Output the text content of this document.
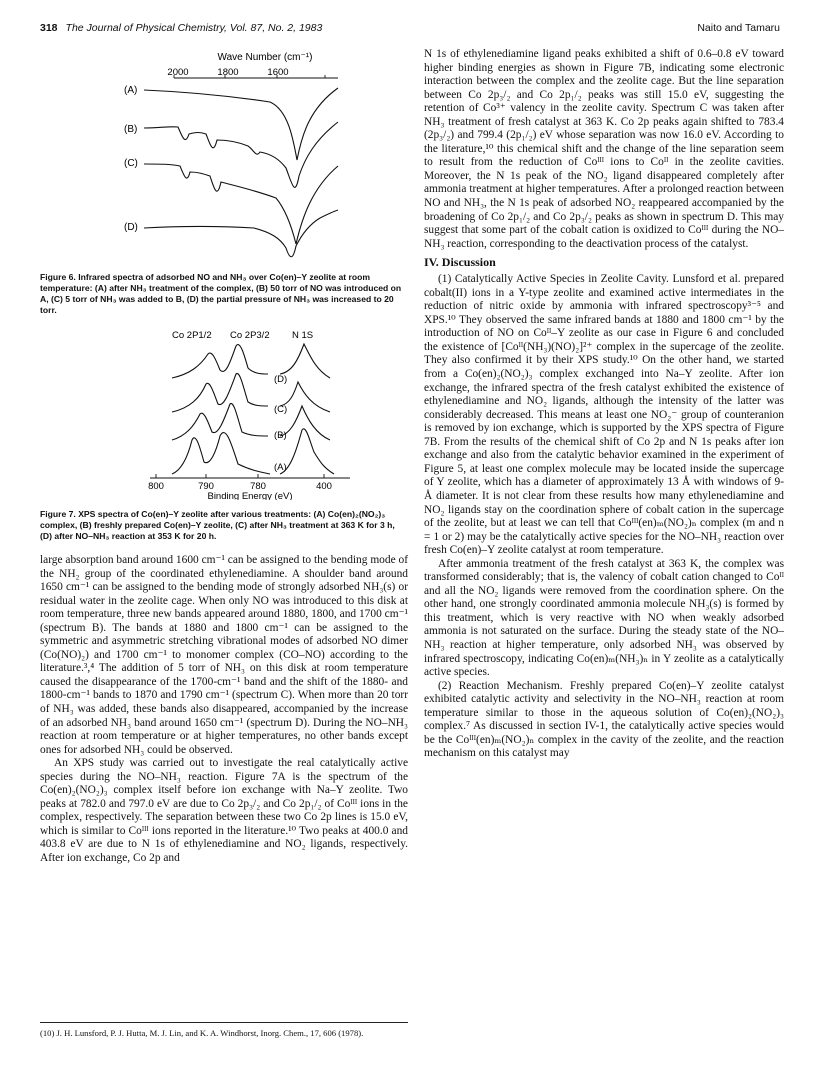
318 The Journal of Physical Chemistry, Vol. 87, No. 2, 1983	Naito and Tamaru
Wave Number (cm⁻¹)
2000	1800	1600
(A)
(B)
(C)
(D)

Figure 6. Infrared spectra of adsorbed NO and NH₃ over Co(en)–Y zeolite at room temperature: (A) after NH₃ treatment of the complex, (B) 50 torr of NO was introduced on A, (C) 5 torr of NH₃ was added to B, (D) the partial pressure of NH₃ was increased to 20 torr.

Co 2P1/2 Co 2P3/2 N 1S
(D)
(C)
(B)
(A)
800	790	780	400
Binding Energy (eV)

Figure 7. XPS spectra of Co(en)–Y zeolite after various treatments: (A) Co(en)₂(NO₂)₃ complex, (B) freshly prepared Co(en)–Y zeolite, (C) after NH₃ treatment at 363 K for 3 h, (D) after NO–NH₃ reaction at 353 K for 20 h.

large absorption band around 1600 cm⁻¹ can be assigned to the bending mode of the NH₂ group of the coordinated ethylenediamine. A shoulder band around 1650 cm⁻¹ can be assigned to the bending mode of strongly adsorbed NH₃(s) or residual water in the zeolite cage. When only NO was introduced to this disk at room temperature, three new bands appeared around 1880, 1800, and 1700 cm⁻¹ (spectrum B). The bands at 1880 and 1800 cm⁻¹ can be assigned to the symmetric and asymmetric stretching vibrational modes of adsorbed NO dimer (Co(NO)₂) and 1700 cm⁻¹ to monomer complex (CO–NO) according to the literature.³,⁴ The addition of 5 torr of NH₃ on this disk at room temperature caused the disappearance of the 1700-cm⁻¹ band and the shift of the 1880- and 1800-cm⁻¹ bands to 1870 and 1790 cm⁻¹ (spectrum C). When more than 20 torr of NH₃ was added, these bands also disappeared, accompanied by the increase of an adsorbed NH₃ band around 1650 cm⁻¹ (spectrum D). During the NO–NH₃ reaction at room temperature or at higher temperatures, no other bands except ones for adsorbed NH₃ could be observed.

An XPS study was carried out to investigate the real catalytically active species during the NO–NH₃ reaction. Figure 7A is the spectrum of the Co(en)₂(NO₂)₃ complex itself before ion exchange with Na–Y zeolite. Two peaks at 782.0 and 797.0 eV are due to Co 2p₃/₂ and Co 2p₁/₂ of Coᴵᴵᴵ ions in the complex, respectively. The separation between these two Co 2p lines is 15.0 eV, which is similar to Coᴵᴵᴵ ions reported in the literature.¹⁰ Two peaks at 400.0 and 403.8 eV are due to N 1s of ethylenediamine and NO₂ ligands, respectively. After ion exchange, Co 2p and

(10) J. H. Lunsford, P. J. Hutta, M. J. Lin, and K. A. Windhorst, Inorg. Chem., 17, 606 (1978).

N 1s of ethylenediamine ligand peaks exhibited a shift of 0.6–0.8 eV toward higher binding energies as shown in Figure 7B, indicating some electronic interaction between the complex and the zeolite cage. But the line separation between Co 2p₃/₂ and Co 2p₁/₂ peaks was still 15.0 eV, suggesting the retention of Co³⁺ valency in the zeolite cavity. Spectrum C was taken after NH₃ treatment of fresh catalyst at 363 K. Co 2p peaks again shifted to 783.4 (2p₃/₂) and 799.4 (2p₁/₂) eV whose separation was now 16.0 eV. According to the literature,¹⁰ this chemical shift and the change of the line separation seem to result from the reduction of Coᴵᴵᴵ ions to Coᴵᴵ in the zeolite cavities. Moreover, the N 1s peak of the NO₂ ligand disappeared completely after ammonia treatment at higher temperatures. After a prolonged reaction between NO and NH₃, the N 1s peak of adsorbed NO₂ reappeared accompanied by the broadening of Co 2p₁/₂ and Co 2p₃/₂ peaks as shown in spectrum D. This may suggest that some part of the cobalt cation is oxidized to Coᴵᴵᴵ during the NO–NH₃ reaction, corresponding to the deactivation process of the catalyst.

IV. Discussion

(1) Catalytically Active Species in Zeolite Cavity. Lunsford et al. prepared cobalt(II) ions in a Y-type zeolite and examined active intermediates in the reduction of nitric oxide by ammonia with infrared spectroscopy³⁻⁵ and XPS.¹⁰ They observed the same infrared bands at 1880 and 1800 cm⁻¹ by the introduction of NO on Coᴵᴵ–Y zeolite as our case in Figure 6 and concluded the existence of [Coᴵᴵ(NH₃)(NO)₂]²⁺ complex in the supercage of the zeolite. They also confirmed it by their XPS study.¹⁰ On the other hand, we started from a Co(en)₂(NO₂)₃ complex exchanged into Na–Y zeolite. After ion exchange, the infrared spectra of the fresh catalyst exhibited the existence of ethylenediamine and NO₂ ligands, although the intensity of the latter was considerably decreased. This means at least one NO₂⁻ group of counteranion is removed by ion exchange, which is supported by the XPS spectra of Figure 7B. From the results of the chemical shift of Co 2p and N 1s peaks after ion exchange and also from the catalytic behavior examined in the experiment of Figure 5, at least one complex molecule may be located inside the supercage of Y zeolite, which has a diameter of approximately 13 Å with windows of 9-Å diameter. It is not clear from these results how many ethylenediamine and NO₂ ligands stay on the coordination sphere of cobalt cation in the supercage of the zeolite, but at least we can tell that Coᴵᴵᴵ(en)ₘ(NO₂)ₙ complex (m and n = 1 or 2) may be the catalytically active species for the NO–NH₃ reaction over fresh Co(en)–Y zeolite catalyst at room temperature.

After ammonia treatment of the fresh catalyst at 363 K, the complex was transformed considerably; that is, the valency of cobalt cation changed to Coᴵᴵ and all the NO₂ ligands were removed from the coordination sphere. On the other hand, one strongly coordinated ammonia molecule NH₃(s) is formed by this treatment, which is very reactive with NO when weakly adsorbed ammonia is not saturated on the surface. During the steady state of the NO–NH₃ reaction at higher temperature, only adsorbed NH₃ was observed by infrared spectroscopy, indicating Co(en)ₘ(NH₃)ₙ in Y zeolite as a catalytically active species.

(2) Reaction Mechanism. Freshly prepared Co(en)–Y zeolite catalyst exhibited catalytic activity and selectivity in the NO–NH₃ reaction at room temperature similar to those in the aqueous solution of Co(en)₂(NO₂)₃ complex.⁷ As discussed in section IV-1, the catalytically active species would be the Coᴵᴵᴵ(en)ₘ(NO₂)ₙ complex in the cavity of the zeolite, and the reaction mechanism on this catalyst may
